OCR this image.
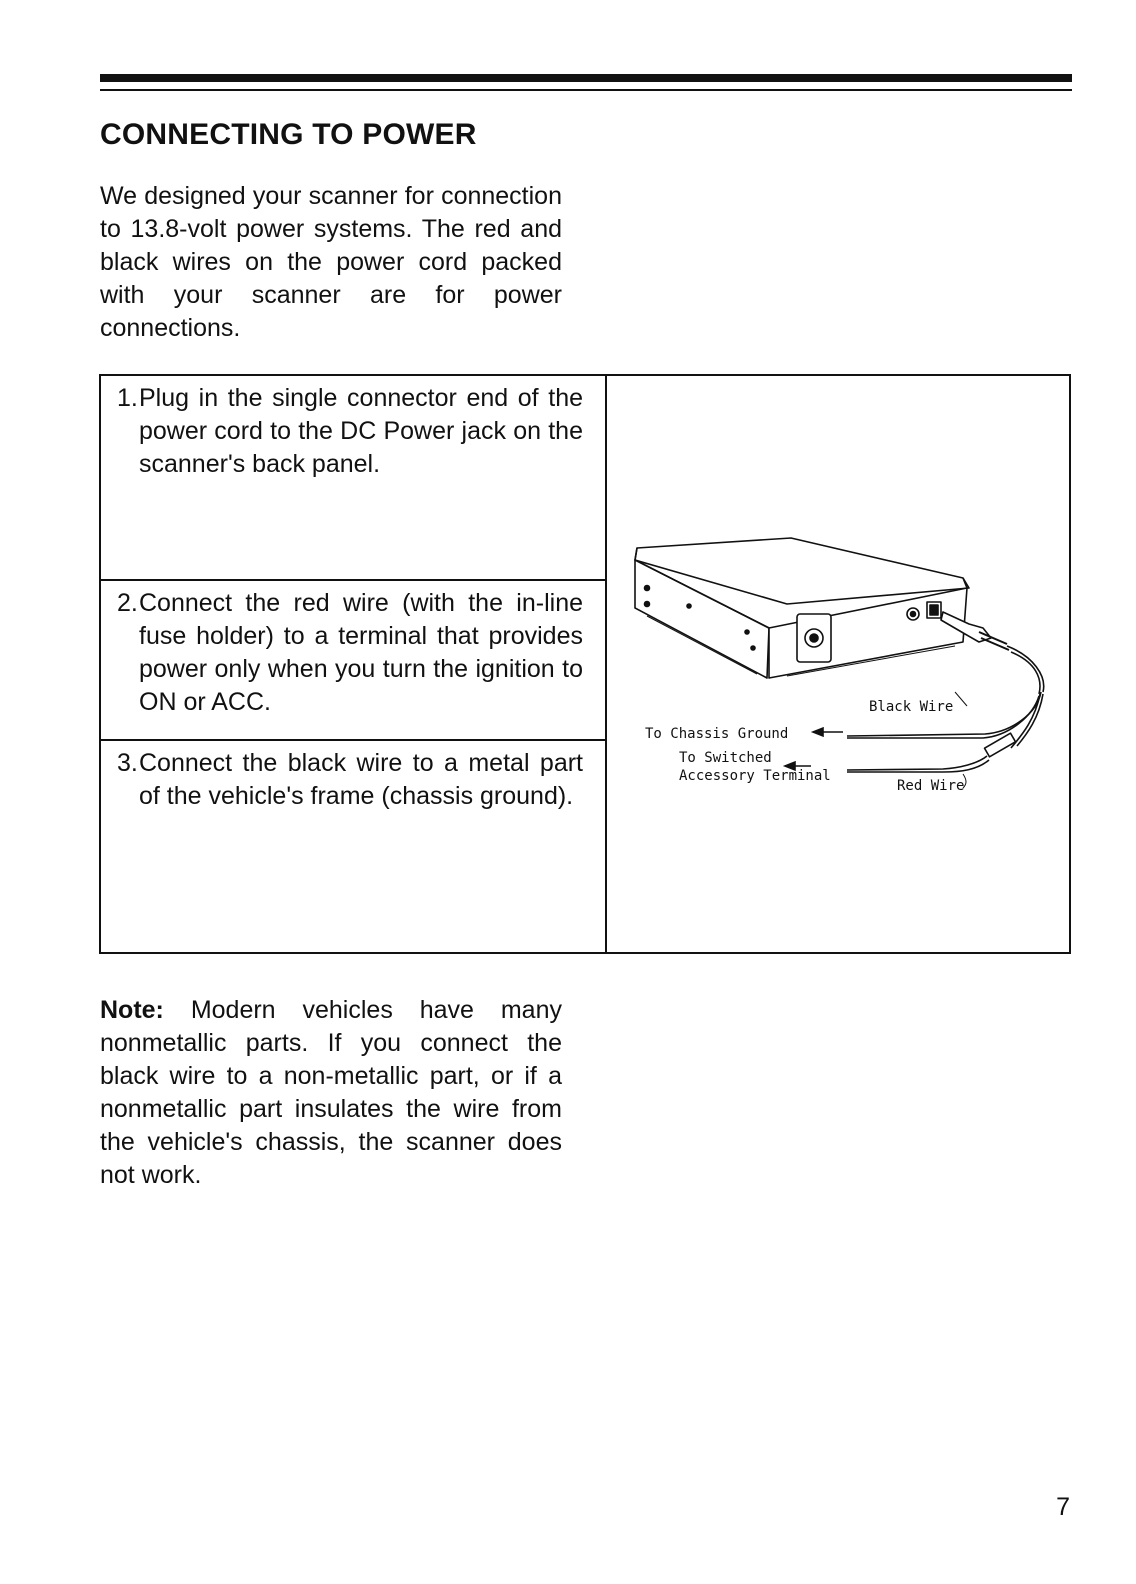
CONNECTING TO POWER

We designed your scanner for connection to 13.8-volt power systems. The red and black wires on the power cord packed with your scanner are for power connections.

1. Plug in the single connector end of the power cord to the DC Power jack on the scanner's back panel.
2. Connect the red wire (with the in-line fuse holder) to a terminal that provides power only when you turn the ignition to ON or ACC.
3. Connect the black wire to a metal part of the vehicle's frame (chassis ground).
Black Wire
To Chassis Ground
To Switched
Accessory Terminal
Red Wire

Note: Modern vehicles have many nonmetallic parts. If you connect the black wire to a non-metallic part, or if a nonmetallic part insulates the wire from the vehicle's chassis, the scanner does not work.

7
